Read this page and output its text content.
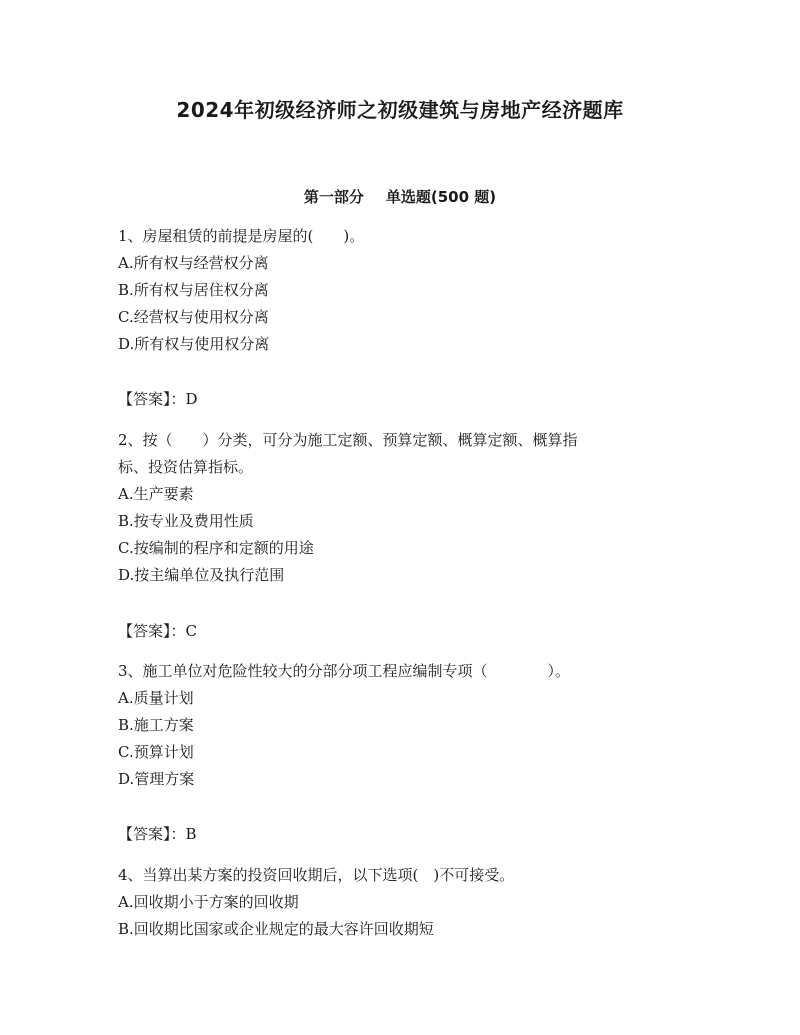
2024年初级经济师之初级建筑与房地产经济题库
第一部分 单选题(500 题)
1、房屋租赁的前提是房屋的(　　)。
A.所有权与经营权分离
B.所有权与居住权分离
C.经营权与使用权分离
D.所有权与使用权分离
【答案】：D
2、按（　　）分类，可分为施工定额、预算定额、概算定额、概算指
标、投资估算指标。
A.生产要素
B.按专业及费用性质
C.按编制的程序和定额的用途
D.按主编单位及执行范围
【答案】：C
3、施工单位对危险性较大的分部分项工程应编制专项（　　　　）。
A.质量计划
B.施工方案
C.预算计划
D.管理方案
【答案】：B
4、当算出某方案的投资回收期后，以下选项(　)不可接受。
A.回收期小于方案的回收期
B.回收期比国家或企业规定的最大容许回收期短
